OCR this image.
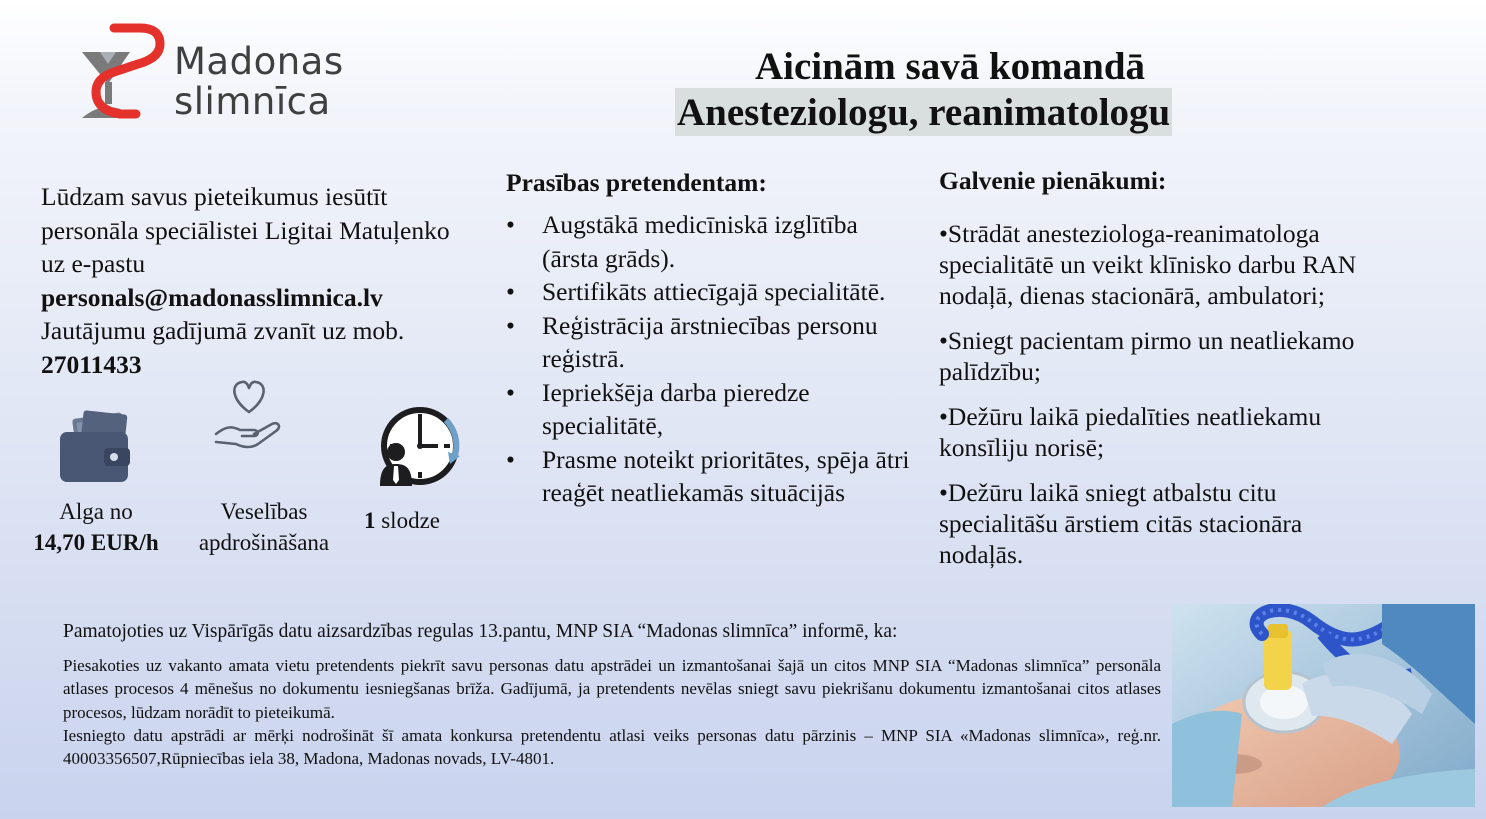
Madonas
slimnīca
Aicinām savā komandā
Anesteziologu, reanimatologu
Lūdzam savus pieteikumus iesūtīt personāla speciālistei Ligitai Matuļenko uz e-pastu
personals@madonasslimnica.lv
Jautājumu gadījumā zvanīt uz mob.
27011433
Alga no
14,70 EUR/h
Veselības
apdrošināšana
1 slodze
Prasības pretendentam:
• Augstākā medicīniskā izglītība (ārsta grāds).
• Sertifikāts attiecīgajā specialitātē.
• Reģistrācija ārstniecības personu reģistrā.
• Iepriekšēja darba pieredze specialitātē,
• Prasme noteikt prioritātes, spēja ātri reaģēt neatliekamās situācijās
Galvenie pienākumi:
•Strādāt anesteziologa-reanimatologa specialitātē un veikt klīnisko darbu RAN nodaļā, dienas stacionārā, ambulatori;
•Sniegt pacientam pirmo un neatliekamo palīdzību;
•Dežūru laikā piedalīties neatliekamu konsīliju norisē;
•Dežūru laikā sniegt atbalstu citu specialitāšu ārstiem citās stacionāra nodaļās.
Pamatojoties uz Vispārīgās datu aizsardzības regulas 13.pantu, MNP SIA “Madonas slimnīca” informē, ka:

Piesakoties uz vakanto amata vietu pretendents piekrīt savu personas datu apstrādei un izmantošanai šajā un citos MNP SIA “Madonas slimnīca” personāla atlases procesos 4 mēnešus no dokumentu iesniegšanas brīža. Gadījumā, ja pretendents nevēlas sniegt savu piekrišanu dokumentu izmantošanai citos atlases procesos, lūdzam norādīt to pieteikumā.

Iesniegto datu apstrādi ar mērķi nodrošināt šī amata konkursa pretendentu atlasi veiks personas datu pārzinis – MNP SIA «Madonas slimnīca», reģ.nr. 40003356507,Rūpniecības iela 38, Madona, Madonas novads, LV-4801.
